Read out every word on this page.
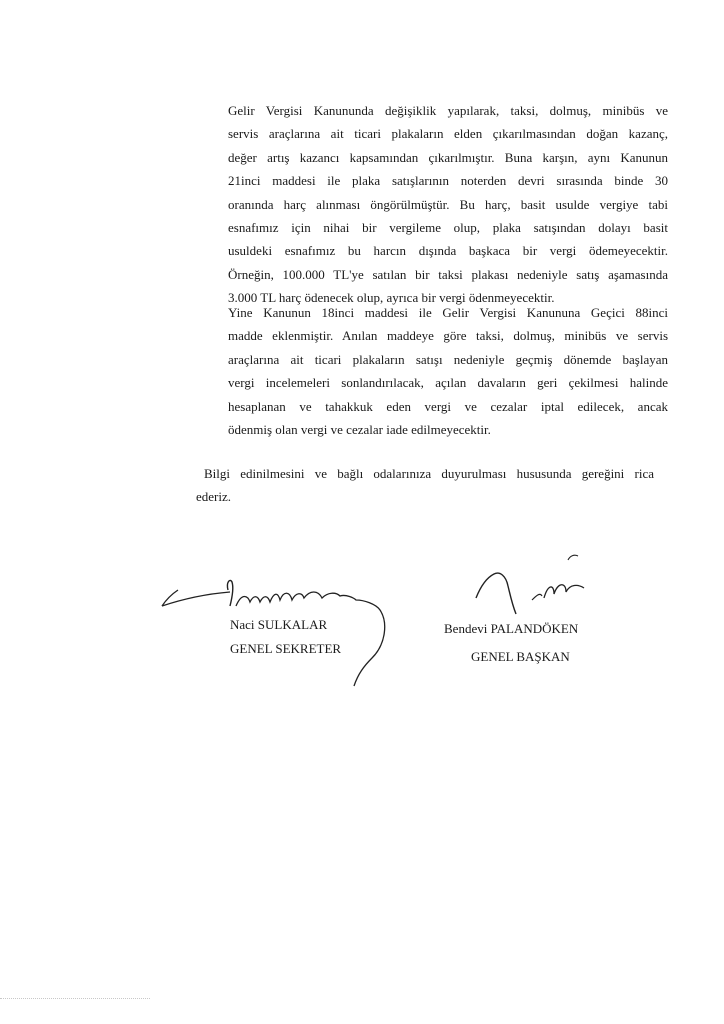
Gelir Vergisi Kanununda değişiklik yapılarak, taksi, dolmuş, minibüs ve
servis araçlarına ait ticari plakaların elden çıkarılmasından doğan kazanç,
değer artış kazancı kapsamından çıkarılmıştır. Buna karşın, aynı Kanunun
21inci maddesi ile plaka satışlarının noterden devri sırasında binde 30
oranında harç alınması öngörülmüştür. Bu harç, basit usulde vergiye tabi
esnafımız için nihai bir vergileme olup, plaka satışından dolayı basit
usuldeki esnafımız bu harcın dışında başkaca bir vergi ödemeyecektir.
Örneğin, 100.000 TL'ye satılan bir taksi plakası nedeniyle satış aşamasında
3.000 TL harç ödenecek olup, ayrıca bir vergi ödenmeyecektir.
Yine Kanunun 18inci maddesi ile Gelir Vergisi Kanununa Geçici 88inci
madde eklenmiştir. Anılan maddeye göre taksi, dolmuş, minibüs ve servis
araçlarına ait ticari plakaların satışı nedeniyle geçmiş dönemde başlayan
vergi incelemeleri sonlandırılacak, açılan davaların geri çekilmesi halinde
hesaplanan ve tahakkuk eden vergi ve cezalar iptal edilecek, ancak
ödenmiş olan vergi ve cezalar iade edilmeyecektir.
Bilgi edinilmesini ve bağlı odalarınıza duyurulması hususunda gereğini rica
ederiz.
Naci SULKALAR
GENEL SEKRETER
Bendevi PALANDÖKEN
GENEL BAŞKAN
